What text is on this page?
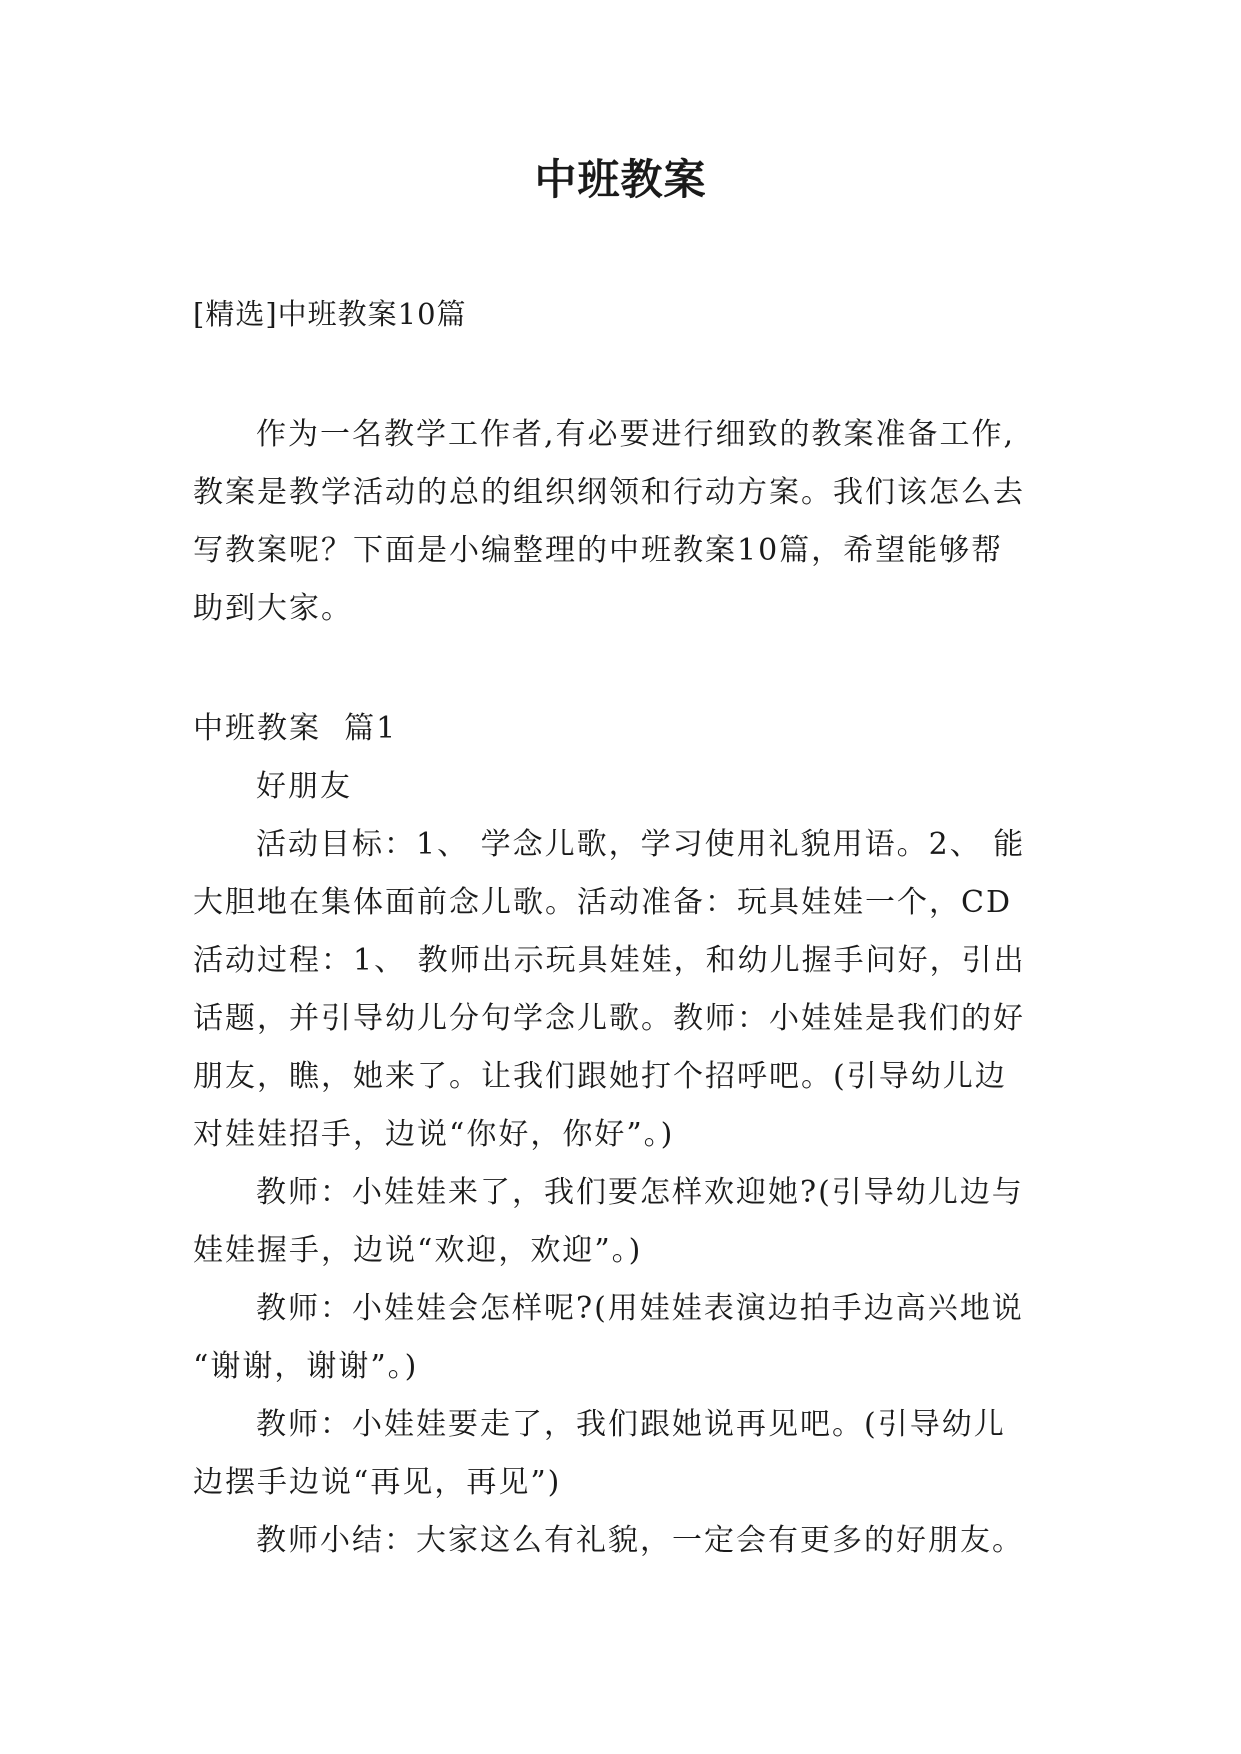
中班教案
[精选]中班教案10篇
作为一名教学工作者,有必要进行细致的教案准备工作,
教案是教学活动的总的组织纲领和行动方案。我们该怎么去
写教案呢？下面是小编整理的中班教案10篇，希望能够帮
助到大家。
中班教案  篇1
好朋友
活动目标：1、 学念儿歌，学习使用礼貌用语。2、 能
大胆地在集体面前念儿歌。活动准备：玩具娃娃一个，CD
活动过程：1、 教师出示玩具娃娃，和幼儿握手问好，引出
话题，并引导幼儿分句学念儿歌。教师：小娃娃是我们的好
朋友，瞧，她来了。让我们跟她打个招呼吧。(引导幼儿边
对娃娃招手，边说“你好，你好”。)
教师：小娃娃来了，我们要怎样欢迎她?(引导幼儿边与
娃娃握手，边说“欢迎，欢迎”。)
教师：小娃娃会怎样呢?(用娃娃表演边拍手边高兴地说
“谢谢，谢谢”。)
教师：小娃娃要走了，我们跟她说再见吧。(引导幼儿
边摆手边说“再见，再见”)
教师小结：大家这么有礼貌，一定会有更多的好朋友。
